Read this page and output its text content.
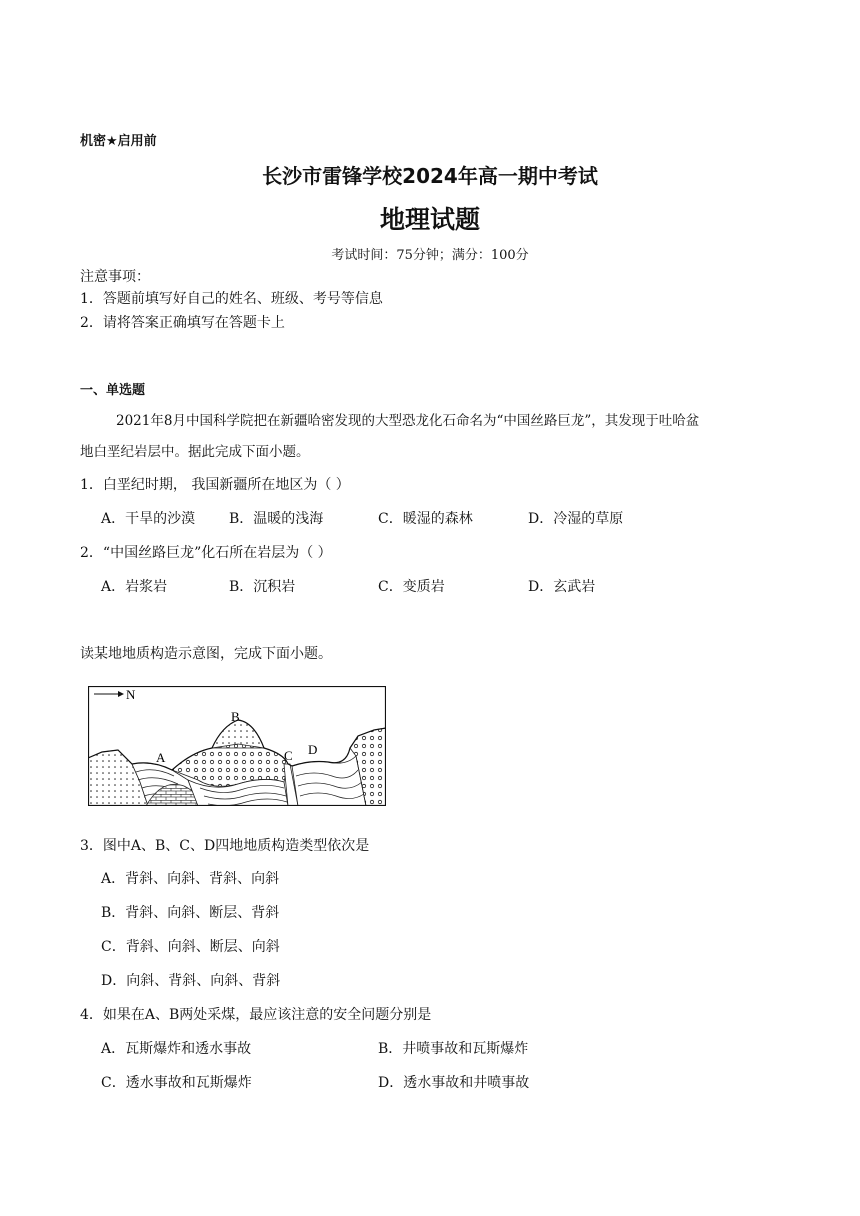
机密★启用前
长沙市雷锋学校2024年高一期中考试
地理试题
考试时间：75分钟；满分：100分
注意事项：
1．答题前填写好自己的姓名、班级、考号等信息
2．请将答案正确填写在答题卡上
一、单选题
2021年8月中国科学院把在新疆哈密发现的大型恐龙化石命名为“中国丝路巨龙”，其发现于吐哈盆
地白垩纪岩层中。据此完成下面小题。
1．白垩纪时期， 我国新疆所在地区为（ ）
A．干旱的沙漠 B．温暖的浅海	C．暖湿的森林	D．冷湿的草原
2．“中国丝路巨龙”化石所在岩层为（ ）
A．岩浆岩	B．沉积岩	C．变质岩	D．玄武岩
读某地地质构造示意图，完成下面小题。
N
A
B
C D
3．图中A、B、C、D四地地质构造类型依次是
A．背斜、向斜、背斜、向斜
B．背斜、向斜、断层、背斜
C．背斜、向斜、断层、向斜
D．向斜、背斜、向斜、背斜
4．如果在A、B两处采煤，最应该注意的安全问题分别是
A．瓦斯爆炸和透水事故	B．井喷事故和瓦斯爆炸
C．透水事故和瓦斯爆炸	D．透水事故和井喷事故
